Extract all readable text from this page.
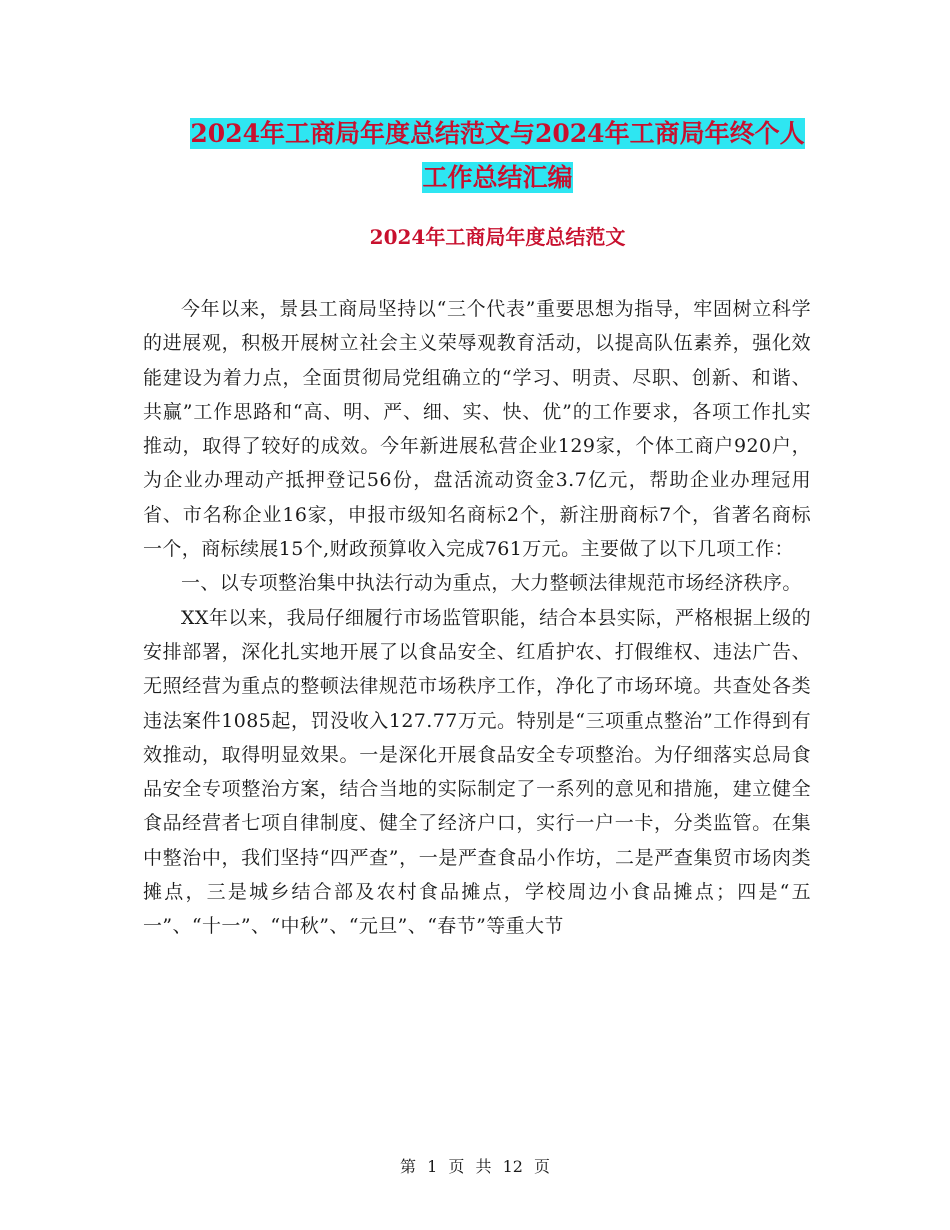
2024年工商局年度总结范文与2024年工商局年终个人
工作总结汇编
2024年工商局年度总结范文

今年以来，景县工商局坚持以“三个代表”重要思想为指导，牢固树立科学的进展观，积极开展树立社会主义荣辱观教育活动，以提高队伍素养，强化效能建设为着力点，全面贯彻局党组确立的“学习、明责、尽职、创新、和谐、共赢”工作思路和“高、明、严、细、实、快、优”的工作要求，各项工作扎实推动，取得了较好的成效。今年新进展私营企业129家，个体工商户920户，为企业办理动产抵押登记56份，盘活流动资金3.7亿元，帮助企业办理冠用省、市名称企业16家，申报市级知名商标2个，新注册商标7个，省著名商标一个，商标续展15个,财政预算收入完成761万元。主要做了以下几项工作：

一、以专项整治集中执法行动为重点，大力整顿法律规范市场经济秩序。

XX年以来，我局仔细履行市场监管职能，结合本县实际，严格根据上级的安排部署，深化扎实地开展了以食品安全、红盾护农、打假维权、违法广告、无照经营为重点的整顿法律规范市场秩序工作，净化了市场环境。共查处各类违法案件1085起，罚没收入127.77万元。特别是“三项重点整治”工作得到有效推动，取得明显效果。一是深化开展食品安全专项整治。为仔细落实总局食品安全专项整治方案，结合当地的实际制定了一系列的意见和措施，建立健全食品经营者七项自律制度、健全了经济户口，实行一户一卡，分类监管。在集中整治中，我们坚持“四严查”，一是严查食品小作坊，二是严查集贸市场肉类摊点，三是城乡结合部及农村食品摊点，学校周边小食品摊点；四是“五一”、“十一”、“中秋”、“元旦”、“春节”等重大节

第 1 页 共 12 页
